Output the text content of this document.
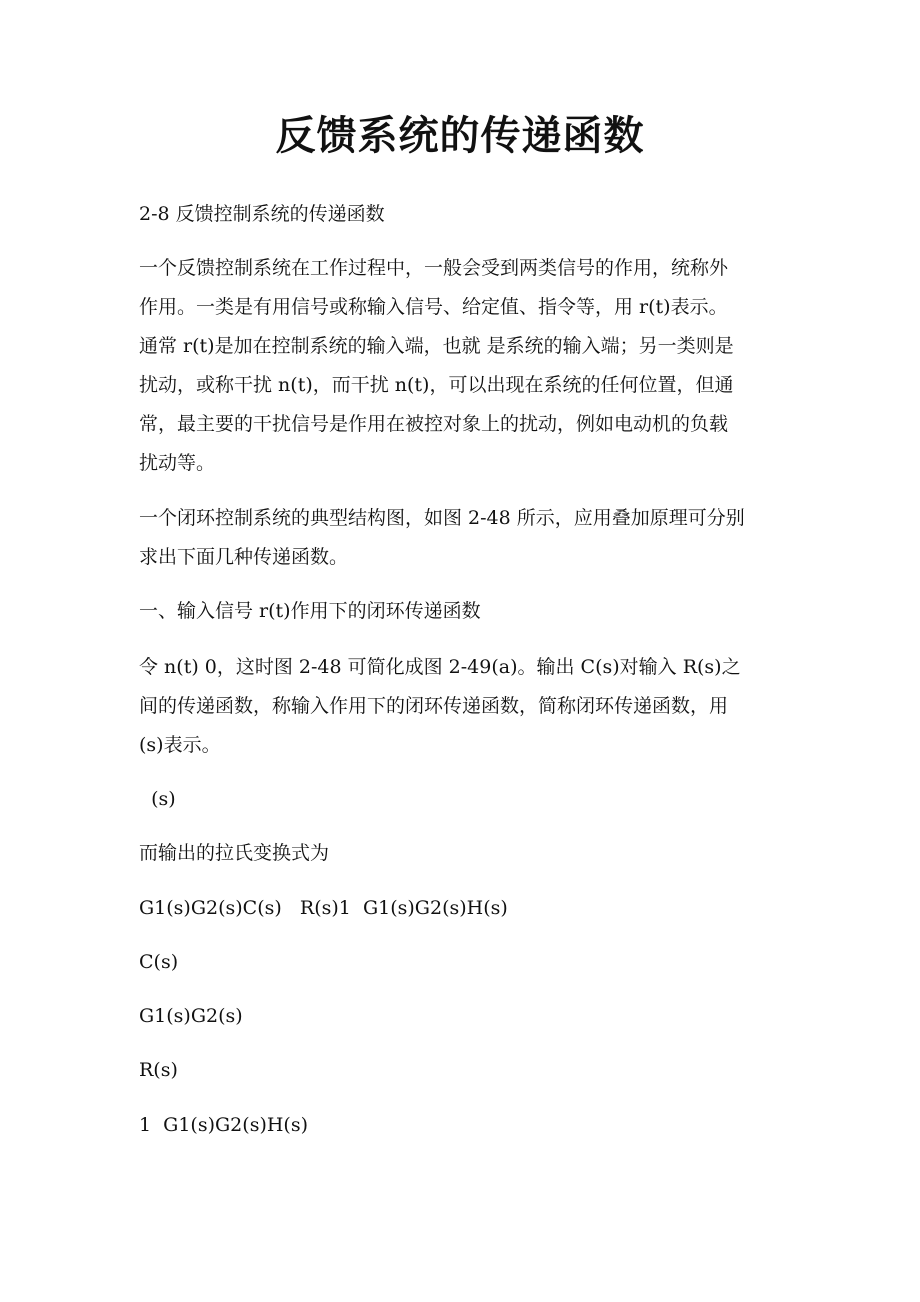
反馈系统的传递函数

2-8 反馈控制系统的传递函数

一个反馈控制系统在工作过程中，一般会受到两类信号的作用，统称外
作用。一类是有用信号或称输入信号、给定值、指令等，用 r(t)表示。
通常 r(t)是加在控制系统的输入端，也就 是系统的输入端；另一类则是
扰动，或称干扰 n(t)，而干扰 n(t)，可以出现在系统的任何位置，但通
常，最主要的干扰信号是作用在被控对象上的扰动，例如电动机的负载
扰动等。
一个闭环控制系统的典型结构图，如图 2-48 所示，应用叠加原理可分别
求出下面几种传递函数。

一、输入信号 r(t)作用下的闭环传递函数

令 n(t) 0，这时图 2-48 可简化成图 2-49(a)。输出 C(s)对输入 R(s)之
间的传递函数，称输入作用下的闭环传递函数，简称闭环传递函数，用
(s)表示。

(s)

而输出的拉氏变换式为

G1(s)G2(s)C(s)   R(s)1  G1(s)G2(s)H(s)

C(s)

G1(s)G2(s)

R(s)

1  G1(s)G2(s)H(s)
